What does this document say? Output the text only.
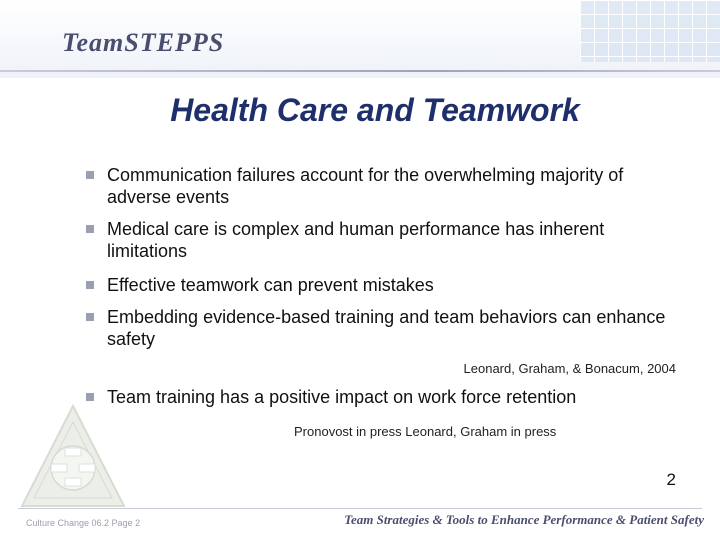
TeamSTEPPS
Health Care and Teamwork
Communication failures account for the overwhelming majority of adverse events
Medical care is complex and human performance has inherent limitations
Effective teamwork can prevent mistakes
Embedding evidence-based training and team behaviors can enhance safety
Team training has a positive impact on work force retention
Leonard, Graham, & Bonacum, 2004
Pronovost in press Leonard, Graham in press
2
Culture Change 06.2 Page 2	Team Strategies & Tools to Enhance Performance & Patient Safety
